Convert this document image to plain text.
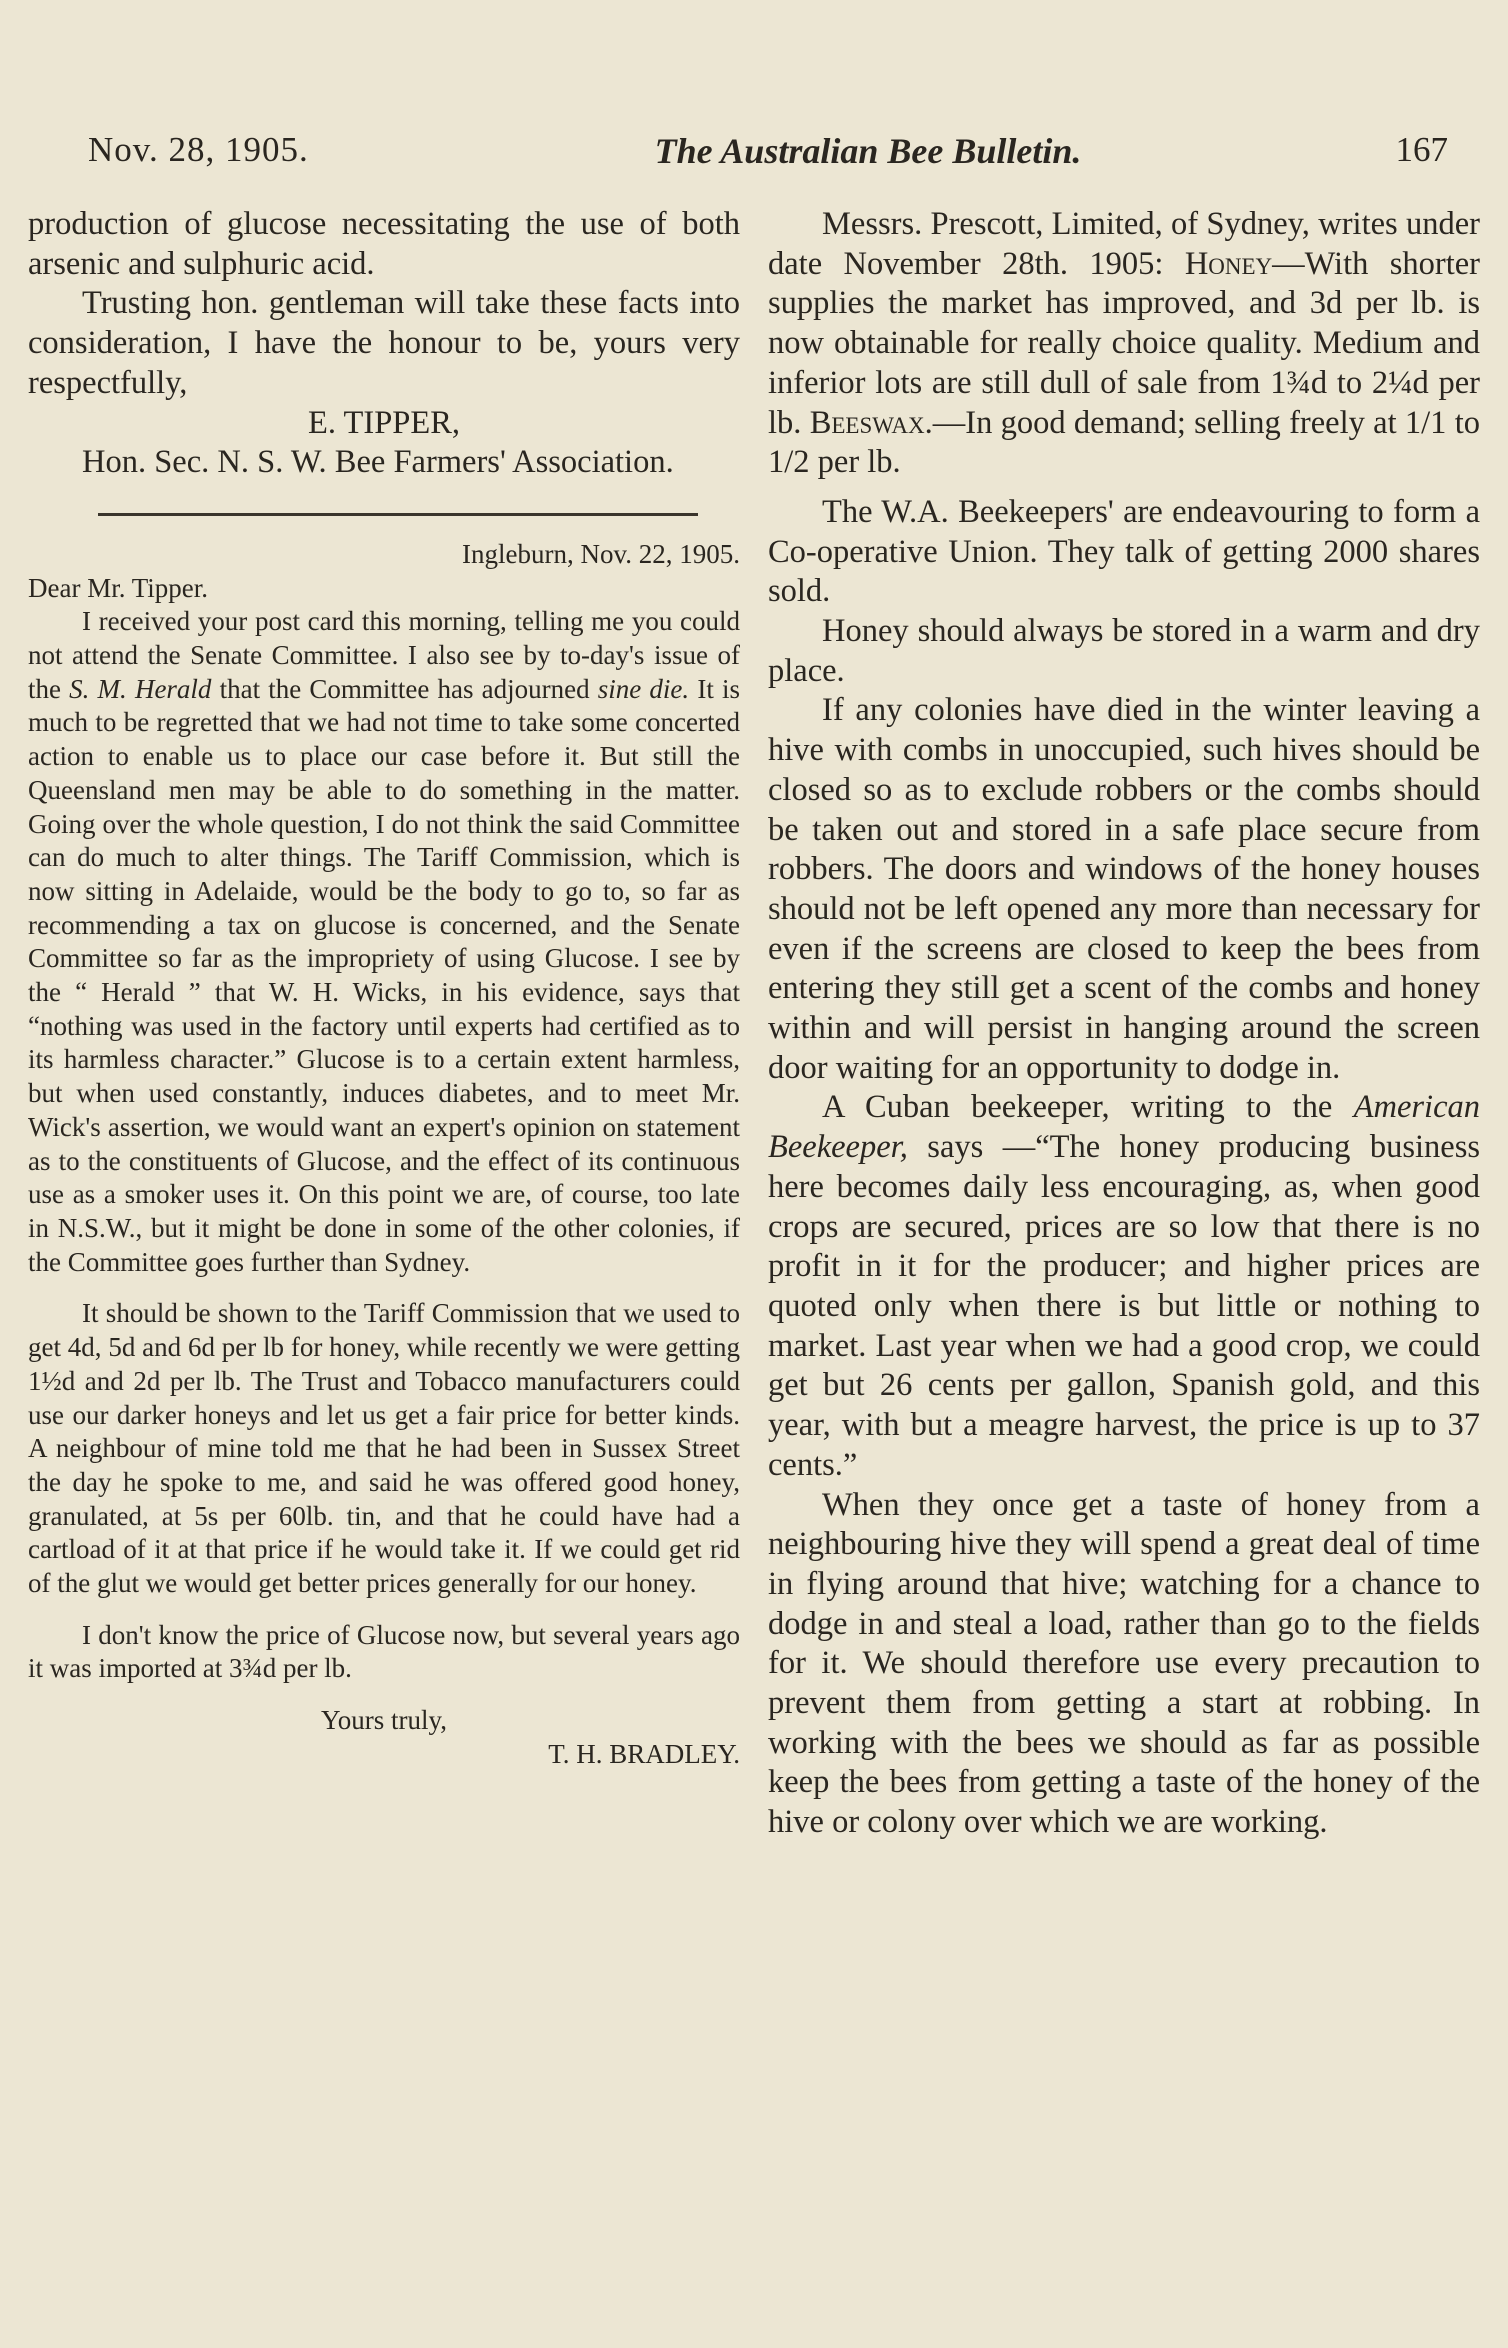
Nov. 28, 1905.	The Australian Bee Bulletin.	167

production of glucose necessitating the use of both arsenic and sulphuric acid.

Trusting hon. gentleman will take these facts into consideration, I have the honour to be, yours very respectfully,

E. TIPPER,

Hon. Sec. N. S. W. Bee Farmers' Association.

Ingleburn, Nov. 22, 1905.

Dear Mr. Tipper.

I received your post card this morning, telling me you could not attend the Senate Committee. I also see by to-day's issue of the S. M. Herald that the Committee has adjourned sine die. It is much to be regretted that we had not time to take some concerted action to enable us to place our case before it. But still the Queensland men may be able to do something in the matter. Going over the whole question, I do not think the said Committee can do much to alter things. The Tariff Commission, which is now sitting in Adelaide, would be the body to go to, so far as recommending a tax on glucose is concerned, and the Senate Committee so far as the impropriety of using Glucose. I see by the “ Herald ” that W. H. Wicks, in his evidence, says that “nothing was used in the factory until experts had certified as to its harmless character.” Glucose is to a certain extent harmless, but when used constantly, induces diabetes, and to meet Mr. Wick's assertion, we would want an expert's opinion on statement as to the constituents of Glucose, and the effect of its continuous use as a smoker uses it. On this point we are, of course, too late in N.S.W., but it might be done in some of the other colonies, if the Committee goes further than Sydney.

It should be shown to the Tariff Commission that we used to get 4d, 5d and 6d per lb for honey, while recently we were getting 1½d and 2d per lb. The Trust and Tobacco manufacturers could use our darker honeys and let us get a fair price for better kinds. A neighbour of mine told me that he had been in Sussex Street the day he spoke to me, and said he was offered good honey, granulated, at 5s per 60lb. tin, and that he could have had a cartload of it at that price if he would take it. If we could get rid of the glut we would get better prices generally for our honey.

I don't know the price of Glucose now, but several years ago it was imported at 3¾d per lb.

Yours truly,

T. H. BRADLEY.

Messrs. Prescott, Limited, of Sydney, writes under date November 28th. 1905: Honey—With shorter supplies the market has improved, and 3d per lb. is now obtainable for really choice quality. Medium and inferior lots are still dull of sale from 1¾d to 2¼d per lb. Beeswax.—In good demand; selling freely at 1/1 to 1/2 per lb.

The W.A. Beekeepers' are endeavouring to form a Co-operative Union. They talk of getting 2000 shares sold.

Honey should always be stored in a warm and dry place.

If any colonies have died in the winter leaving a hive with combs in unoccupied, such hives should be closed so as to exclude robbers or the combs should be taken out and stored in a safe place secure from robbers. The doors and windows of the honey houses should not be left opened any more than necessary for even if the screens are closed to keep the bees from entering they still get a scent of the combs and honey within and will persist in hanging around the screen door waiting for an opportunity to dodge in.

A Cuban beekeeper, writing to the American Beekeeper, says —“The honey producing business here becomes daily less encouraging, as, when good crops are secured, prices are so low that there is no profit in it for the producer; and higher prices are quoted only when there is but little or nothing to market. Last year when we had a good crop, we could get but 26 cents per gallon, Spanish gold, and this year, with but a meagre harvest, the price is up to 37 cents.”

When they once get a taste of honey from a neighbouring hive they will spend a great deal of time in flying around that hive; watching for a chance to dodge in and steal a load, rather than go to the fields for it. We should therefore use every precaution to prevent them from getting a start at robbing. In working with the bees we should as far as possible keep the bees from getting a taste of the honey of the hive or colony over which we are working.
